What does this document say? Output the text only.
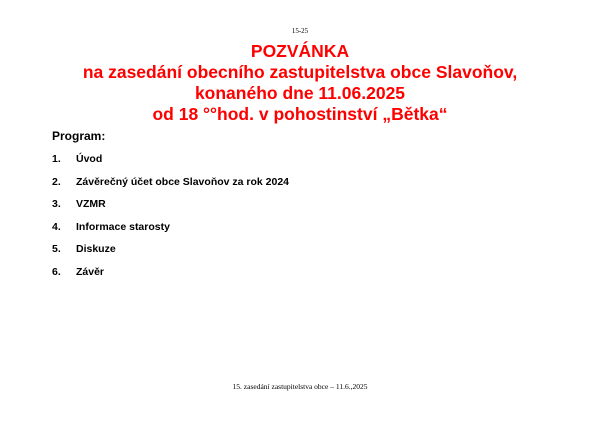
15-25
POZVÁNKA
na zasedání obecního zastupitelstva obce Slavoňov,
konaného dne 11.06.2025
od 18 °°hod. v pohostinství „Bětka“
Program:
1.	Úvod
2.	Závěrečný účet obce Slavoňov za rok 2024
3.	VZMR
4.	Informace starosty
5.	Diskuze
6.	Závěr
15. zasedání zastupitelstva obce – 11.6.,2025
